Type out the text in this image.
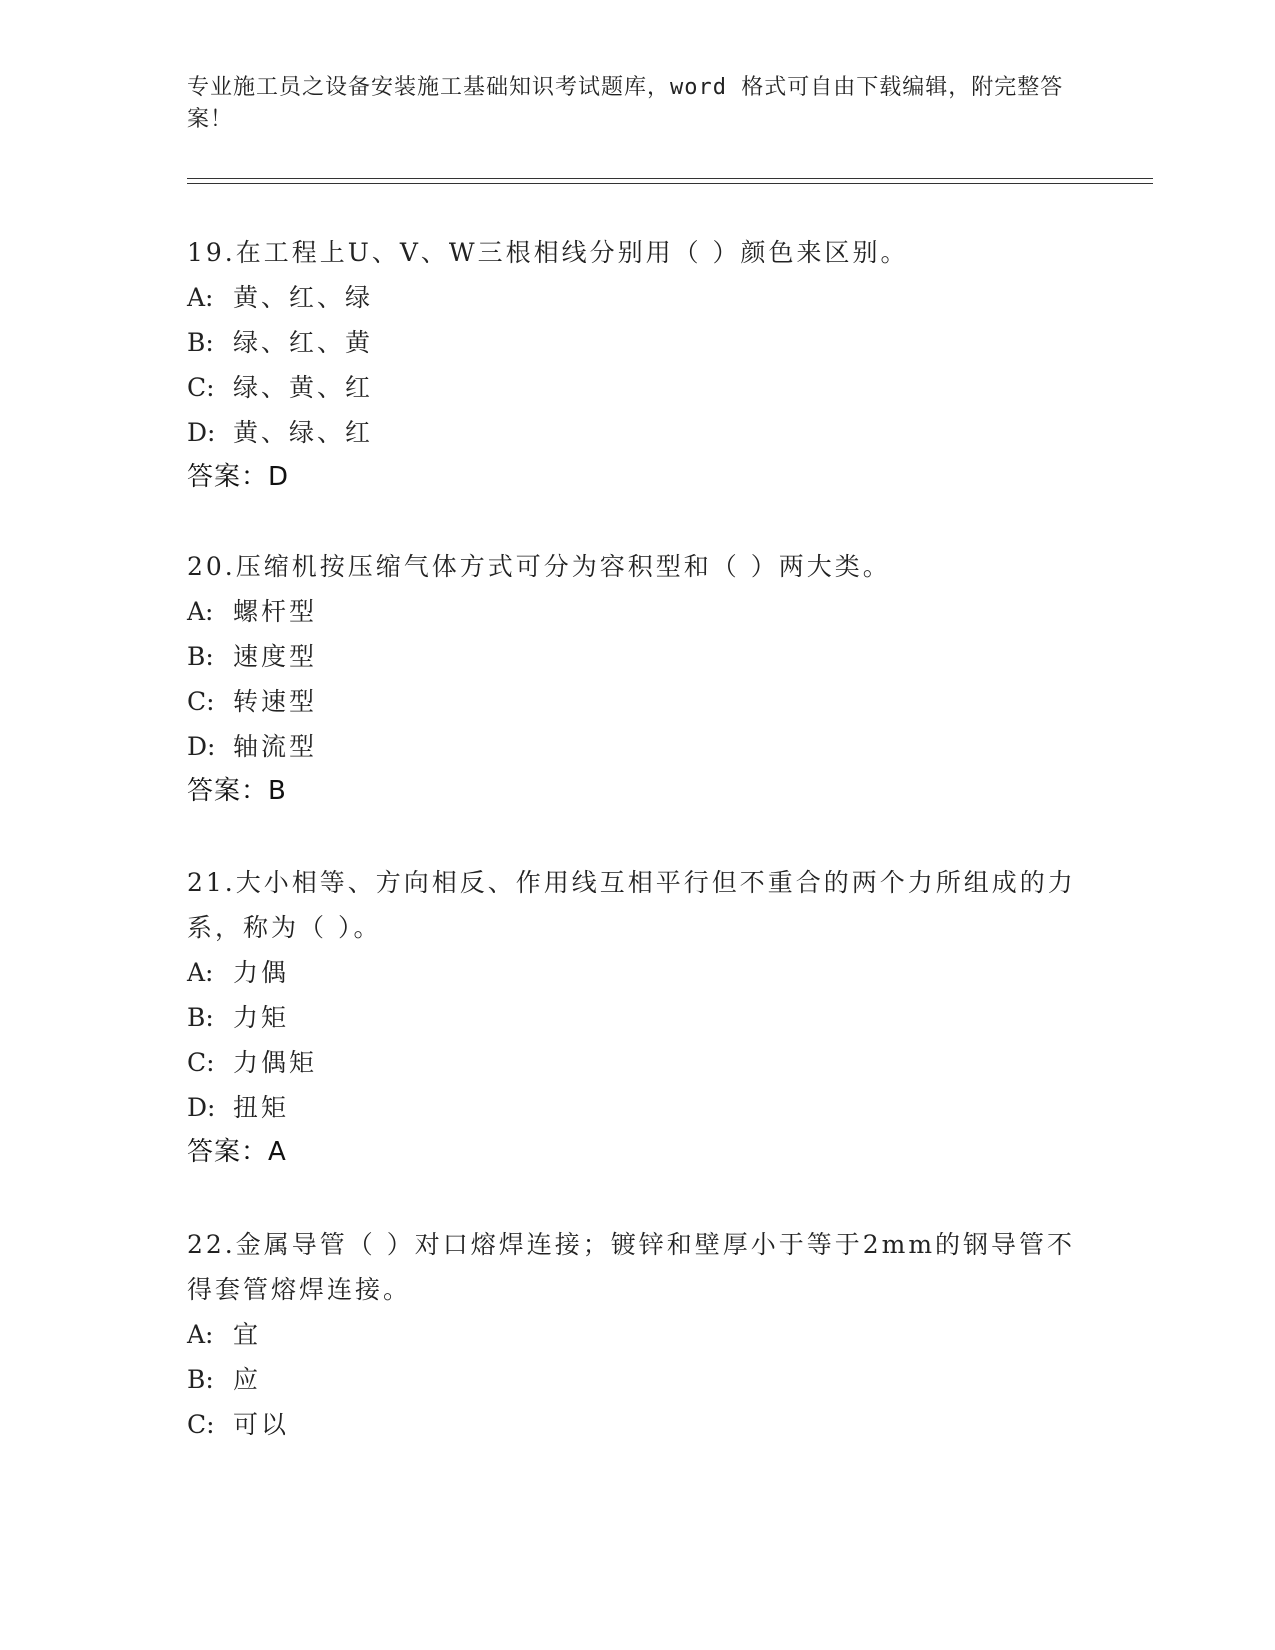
专业施工员之设备安装施工基础知识考试题库，word 格式可自由下载编辑，附完整答案！

19.在工程上U、V、W三根相线分别用（ ）颜色来区别。

A: 黄、红、绿

B: 绿、红、黄

C: 绿、黄、红

D: 黄、绿、红

答案：D

20.压缩机按压缩气体方式可分为容积型和（ ）两大类。

A: 螺杆型

B: 速度型

C: 转速型

D: 轴流型

答案：B

21.大小相等、方向相反、作用线互相平行但不重合的两个力所组成的力系，称为（ ）。

A: 力偶

B: 力矩

C: 力偶矩

D: 扭矩

答案：A

22.金属导管（ ）对口熔焊连接；镀锌和壁厚小于等于2mm的钢导管不得套管熔焊连接。

A: 宜

B: 应

C: 可以
